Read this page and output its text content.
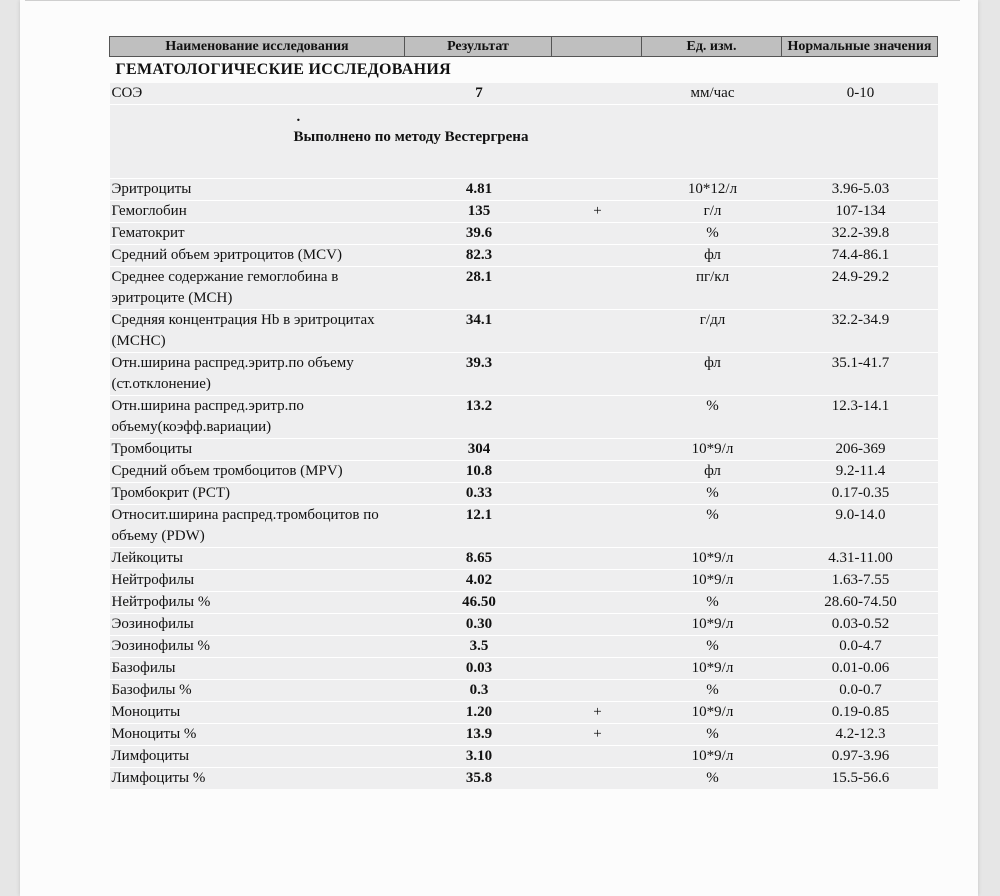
Наименование исследования	Результат		Ед. изм.	Нормальные значения
ГЕМАТОЛОГИЧЕСКИЕ ИССЛЕДОВАНИЯ				
СОЭ	7		мм/час	0-10

.
Выполнено по методу Вестергрена				

Эритроциты	4.81		10*12/л	3.96-5.03
Гемоглобин	135	+	г/л	107-134
Гематокрит	39.6		%	32.2-39.8
Средний объем эритроцитов (MCV)	82.3		фл	74.4-86.1
Среднее содержание гемоглобина в эритроците (MCH)	28.1		пг/кл	24.9-29.2
Средняя концентрация Hb в эритроцитах (MCHC)	34.1		г/дл	32.2-34.9
Отн.ширина распред.эритр.по объему (ст.отклонение)	39.3		фл	35.1-41.7
Отн.ширина распред.эритр.по объему(коэфф.вариации)	13.2		%	12.3-14.1
Тромбоциты	304		10*9/л	206-369
Средний объем тромбоцитов (MPV)	10.8		фл	9.2-11.4
Тромбокрит (PCT)	0.33		%	0.17-0.35
Относит.ширина распред.тромбоцитов по объему (PDW)	12.1		%	9.0-14.0
Лейкоциты	8.65		10*9/л	4.31-11.00
Нейтрофилы	4.02		10*9/л	1.63-7.55
Нейтрофилы %	46.50		%	28.60-74.50
Эозинофилы	0.30		10*9/л	0.03-0.52
Эозинофилы %	3.5		%	0.0-4.7
Базофилы	0.03		10*9/л	0.01-0.06
Базофилы %	0.3		%	0.0-0.7
Моноциты	1.20	+	10*9/л	0.19-0.85
Моноциты %	13.9	+	%	4.2-12.3
Лимфоциты	3.10		10*9/л	0.97-3.96
Лимфоциты %	35.8		%	15.5-56.6
